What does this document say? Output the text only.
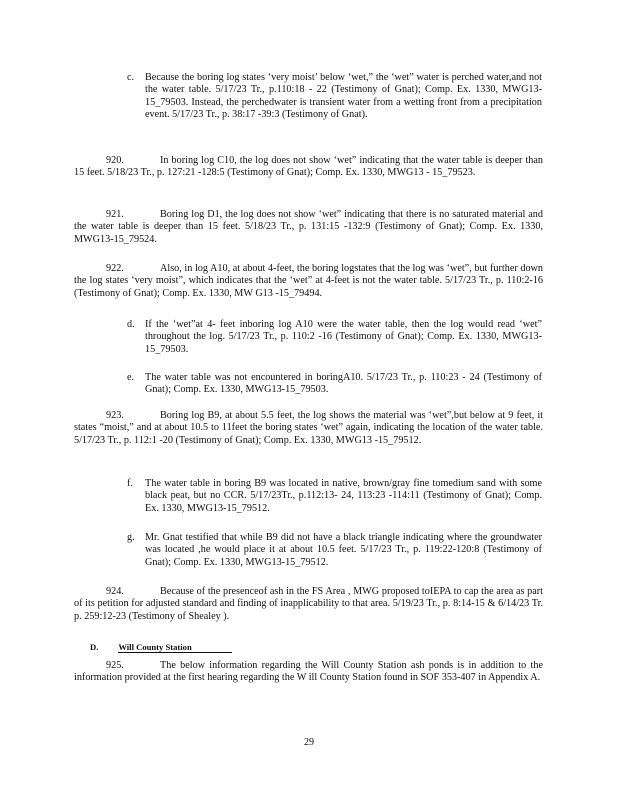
c. Because the boring log states ‘very moist’ below ‘wet,” the ‘wet” water is perched water,and not the water table. 5/17/23 Tr., p.110:18 - 22 (Testimony of Gnat); Comp. Ex. 1330, MWG13-15_79503. Instead, the perchedwater is transient water from a wetting front from a precipitation event. 5/17/23 Tr., p. 38:17 -39:3 (Testimony of Gnat).
920.	In boring log C10, the log does not show ‘wet” indicating that the water table is deeper than 15 feet. 5/18/23 Tr., p. 127:21 -128:5 (Testimony of Gnat); Comp. Ex. 1330, MWG13 - 15_79523.
921.	Boring log D1, the log does not show ‘wet” indicating that there is no saturated material and the water table is deeper than 15 feet. 5/18/23 Tr., p. 131:15 -132:9 (Testimony of Gnat); Comp. Ex. 1330, MWG13-15_79524.
922.	Also, in log A10, at about 4-feet, the boring logstates that the log was ‘wet”, but further down the log states ‘very moist”, which indicates that the ‘wet” at 4-feet is not the water table. 5/17/23 Tr., p. 110:2-16 (Testimony of Gnat); Comp. Ex. 1330, MW G13 -15_79494.
d. If the ‘wet”at 4- feet inboring log A10 were the water table, then the log would read ‘wet” throughout the log. 5/17/23 Tr., p. 110:2 -16 (Testimony of Gnat); Comp. Ex. 1330, MWG13-15_79503.
e. The water table was not encountered in boringA10. 5/17/23 Tr., p. 110:23 - 24 (Testimony of Gnat); Comp. Ex. 1330, MWG13-15_79503.
923.	Boring log B9, at about 5.5 feet, the log shows the material was ‘wet”,but below at 9 feet, it states “moist,” and at about 10.5 to 11feet the boring states ‘wet” again, indicating the location of the water table. 5/17/23 Tr., p. 112:1 -20 (Testimony of Gnat); Comp. Ex. 1330, MWG13 -15_79512.
f. The water table in boring B9 was located in native, brown/gray fine tomedium sand with some black peat, but no CCR. 5/17/23Tr., p.112:13- 24, 113:23 -114:11 (Testimony of Gnat); Comp. Ex. 1330, MWG13-15_79512.
g. Mr. Gnat testified that while B9 did not have a black triangle indicating where the groundwater was located ,he would place it at about 10.5 feet. 5/17/23 Tr., p. 119:22-120:8 (Testimony of Gnat); Comp. Ex. 1330, MWG13-15_79512.
924.	Because of the presenceof ash in the FS Area , MWG proposed toIEPA to cap the area as part of its petition for adjusted standard and finding of inapplicability to that area. 5/19/23 Tr., p. 8:14-15 & 6/14/23 Tr. p. 259:12-23 (Testimony of Shealey ).
D. Will County Station
925.	The below information regarding the Will County Station ash ponds is in addition to the information provided at the first hearing regarding the W ill County Station found in SOF 353-407 in Appendix A.
29
